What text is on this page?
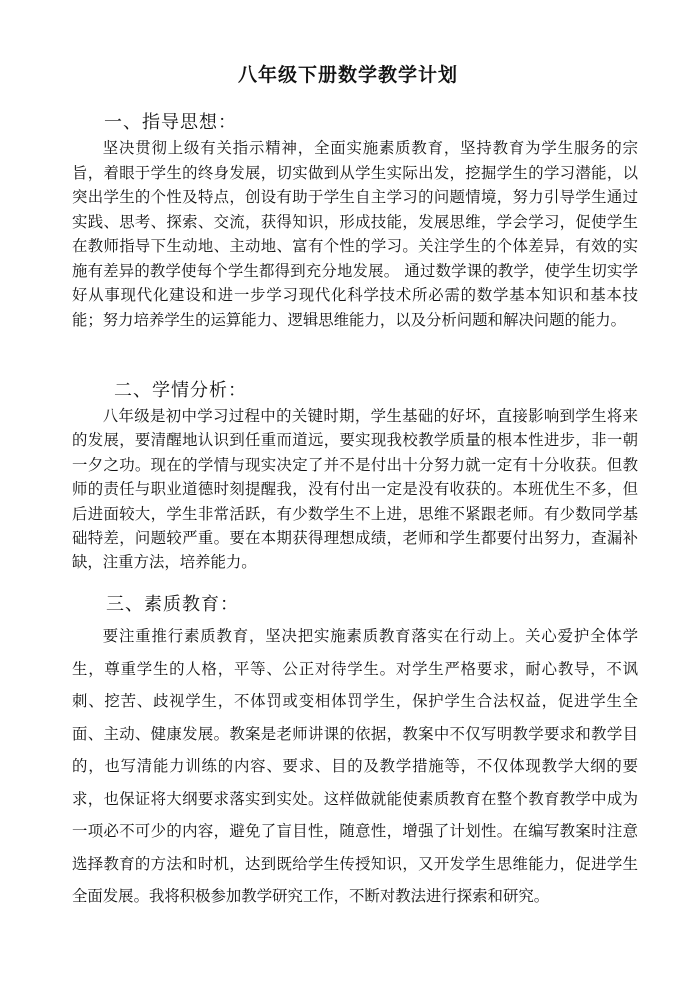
八年级下册数学教学计划
一、指导思想：

坚决贯彻上级有关指示精神，全面实施素质教育，坚持教育为学生服务的宗旨，着眼于学生的终身发展，切实做到从学生实际出发，挖掘学生的学习潜能，以突出学生的个性及特点，创设有助于学生自主学习的问题情境，努力引导学生通过实践、思考、探索、交流，获得知识，形成技能，发展思维，学会学习，促使学生在教师指导下生动地、主动地、富有个性的学习。关注学生的个体差异，有效的实施有差异的教学使每个学生都得到充分地发展。 通过数学课的教学，使学生切实学好从事现代化建设和进一步学习现代化科学技术所必需的数学基本知识和基本技能；努力培养学生的运算能力、逻辑思维能力，以及分析问题和解决问题的能力。

二、学情分析：

八年级是初中学习过程中的关键时期，学生基础的好坏，直接影响到学生将来的发展，要清醒地认识到任重而道远，要实现我校教学质量的根本性进步，非一朝一夕之功。现在的学情与现实决定了并不是付出十分努力就一定有十分收获。但教师的责任与职业道德时刻提醒我，没有付出一定是没有收获的。本班优生不多，但后进面较大，学生非常活跃，有少数学生不上进，思维不紧跟老师。有少数同学基础特差，问题较严重。要在本期获得理想成绩，老师和学生都要付出努力，查漏补缺，注重方法，培养能力。

三、素质教育：

要注重推行素质教育，坚决把实施素质教育落实在行动上。关心爱护全体学生，尊重学生的人格，平等、公正对待学生。对学生严格要求，耐心教导，不讽刺、挖苦、歧视学生，不体罚或变相体罚学生，保护学生合法权益，促进学生全面、主动、健康发展。教案是老师讲课的依据，教案中不仅写明教学要求和教学目的，也写清能力训练的内容、要求、目的及教学措施等，不仅体现教学大纲的要求，也保证将大纲要求落实到实处。这样做就能使素质教育在整个教育教学中成为一项必不可少的内容，避免了盲目性，随意性，增强了计划性。在编写教案时注意选择教育的方法和时机，达到既给学生传授知识，又开发学生思维能力，促进学生全面发展。我将积极参加教学研究工作，不断对教法进行探索和研究。
